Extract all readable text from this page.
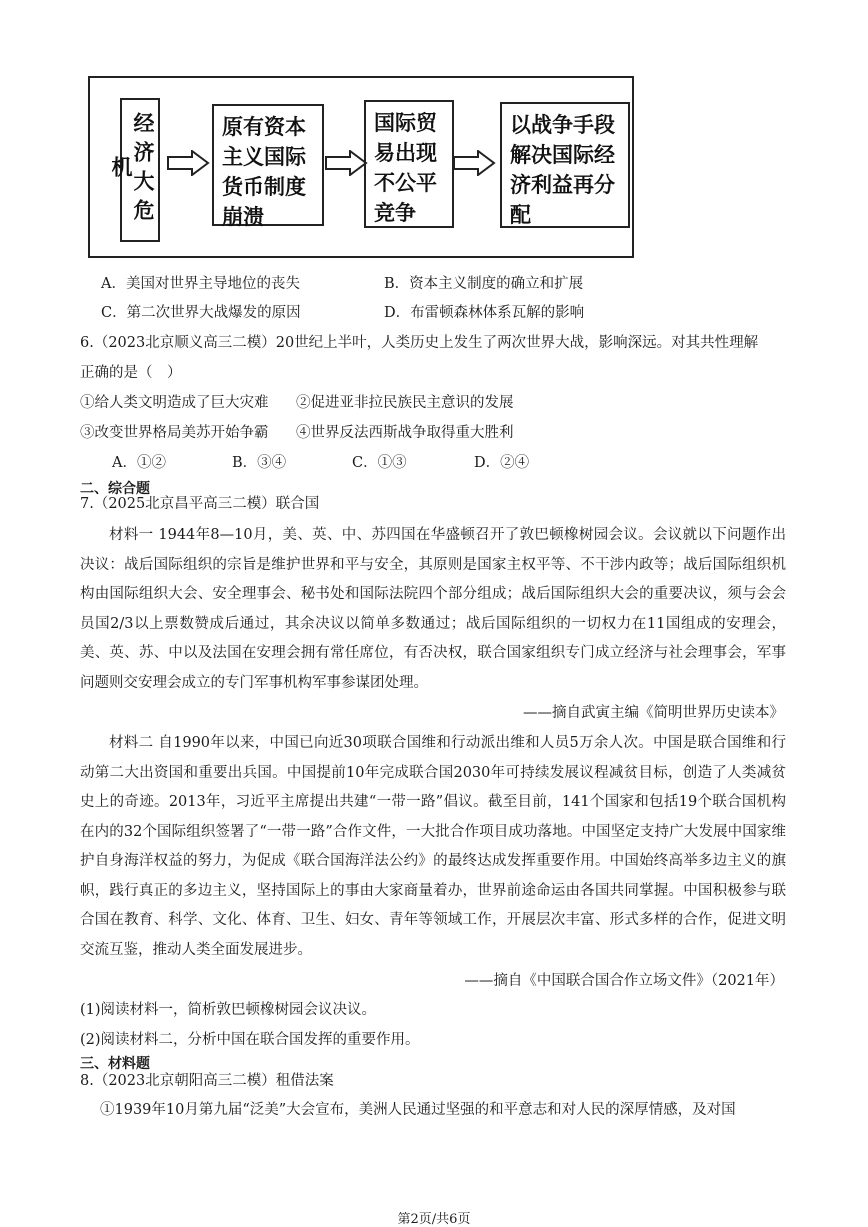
经济大危机
原有资本主义国际货币制度崩溃
国际贸易出现不公平竞争
以战争手段解决国际经济利益再分配
A．美国对世界主导地位的丧失	B．资本主义制度的确立和扩展
C．第二次世界大战爆发的原因	D．布雷顿森林体系瓦解的影响
6.（2023北京顺义高三二模）20世纪上半叶，人类历史上发生了两次世界大战，影响深远。对其共性理解
正确的是（　）
①给人类文明造成了巨大灾难 ②促进亚非拉民族民主意识的发展
③改变世界格局美苏开始争霸 ④世界反法西斯战争取得重大胜利
A．①②	B．③④	C．①③	D．②④
二、综合题
7.（2025北京昌平高三二模）联合国

材料一 1944年8—10月，美、英、中、苏四国在华盛顿召开了敦巴顿橡树园会议。会议就以下问题作出决议：战后国际组织的宗旨是维护世界和平与安全，其原则是国家主权平等、不干涉内政等；战后国际组织机构由国际组织大会、安全理事会、秘书处和国际法院四个部分组成；战后国际组织大会的重要决议，须与会会员国2/3以上票数赞成后通过，其余决议以简单多数通过；战后国际组织的一切权力在11国组成的安理会，美、英、苏、中以及法国在安理会拥有常任席位，有否决权，联合国家组织专门成立经济与社会理事会，军事问题则交安理会成立的专门军事机构军事参谋团处理。

——摘自武寅主编《简明世界历史读本》

材料二 自1990年以来，中国已向近30项联合国维和行动派出维和人员5万余人次。中国是联合国维和行动第二大出资国和重要出兵国。中国提前10年完成联合国2030年可持续发展议程减贫目标，创造了人类减贫史上的奇迹。2013年，习近平主席提出共建“一带一路”倡议。截至目前，141个国家和包括19个联合国机构在内的32个国际组织签署了“一带一路”合作文件，一大批合作项目成功落地。中国坚定支持广大发展中国家维护自身海洋权益的努力，为促成《联合国海洋法公约》的最终达成发挥重要作用。中国始终高举多边主义的旗帜，践行真正的多边主义，坚持国际上的事由大家商量着办，世界前途命运由各国共同掌握。中国积极参与联合国在教育、科学、文化、体育、卫生、妇女、青年等领域工作，开展层次丰富、形式多样的合作，促进文明交流互鉴，推动人类全面发展进步。

——摘自《中国联合国合作立场文件》（2021年）
(1)阅读材料一，简析敦巴顿橡树园会议决议。
(2)阅读材料二，分析中国在联合国发挥的重要作用。
三、材料题
8.（2023北京朝阳高三二模）租借法案
①1939年10月第九届“泛美”大会宣布，美洲人民通过坚强的和平意志和对人民的深厚情感，及对国
第2页/共6页
